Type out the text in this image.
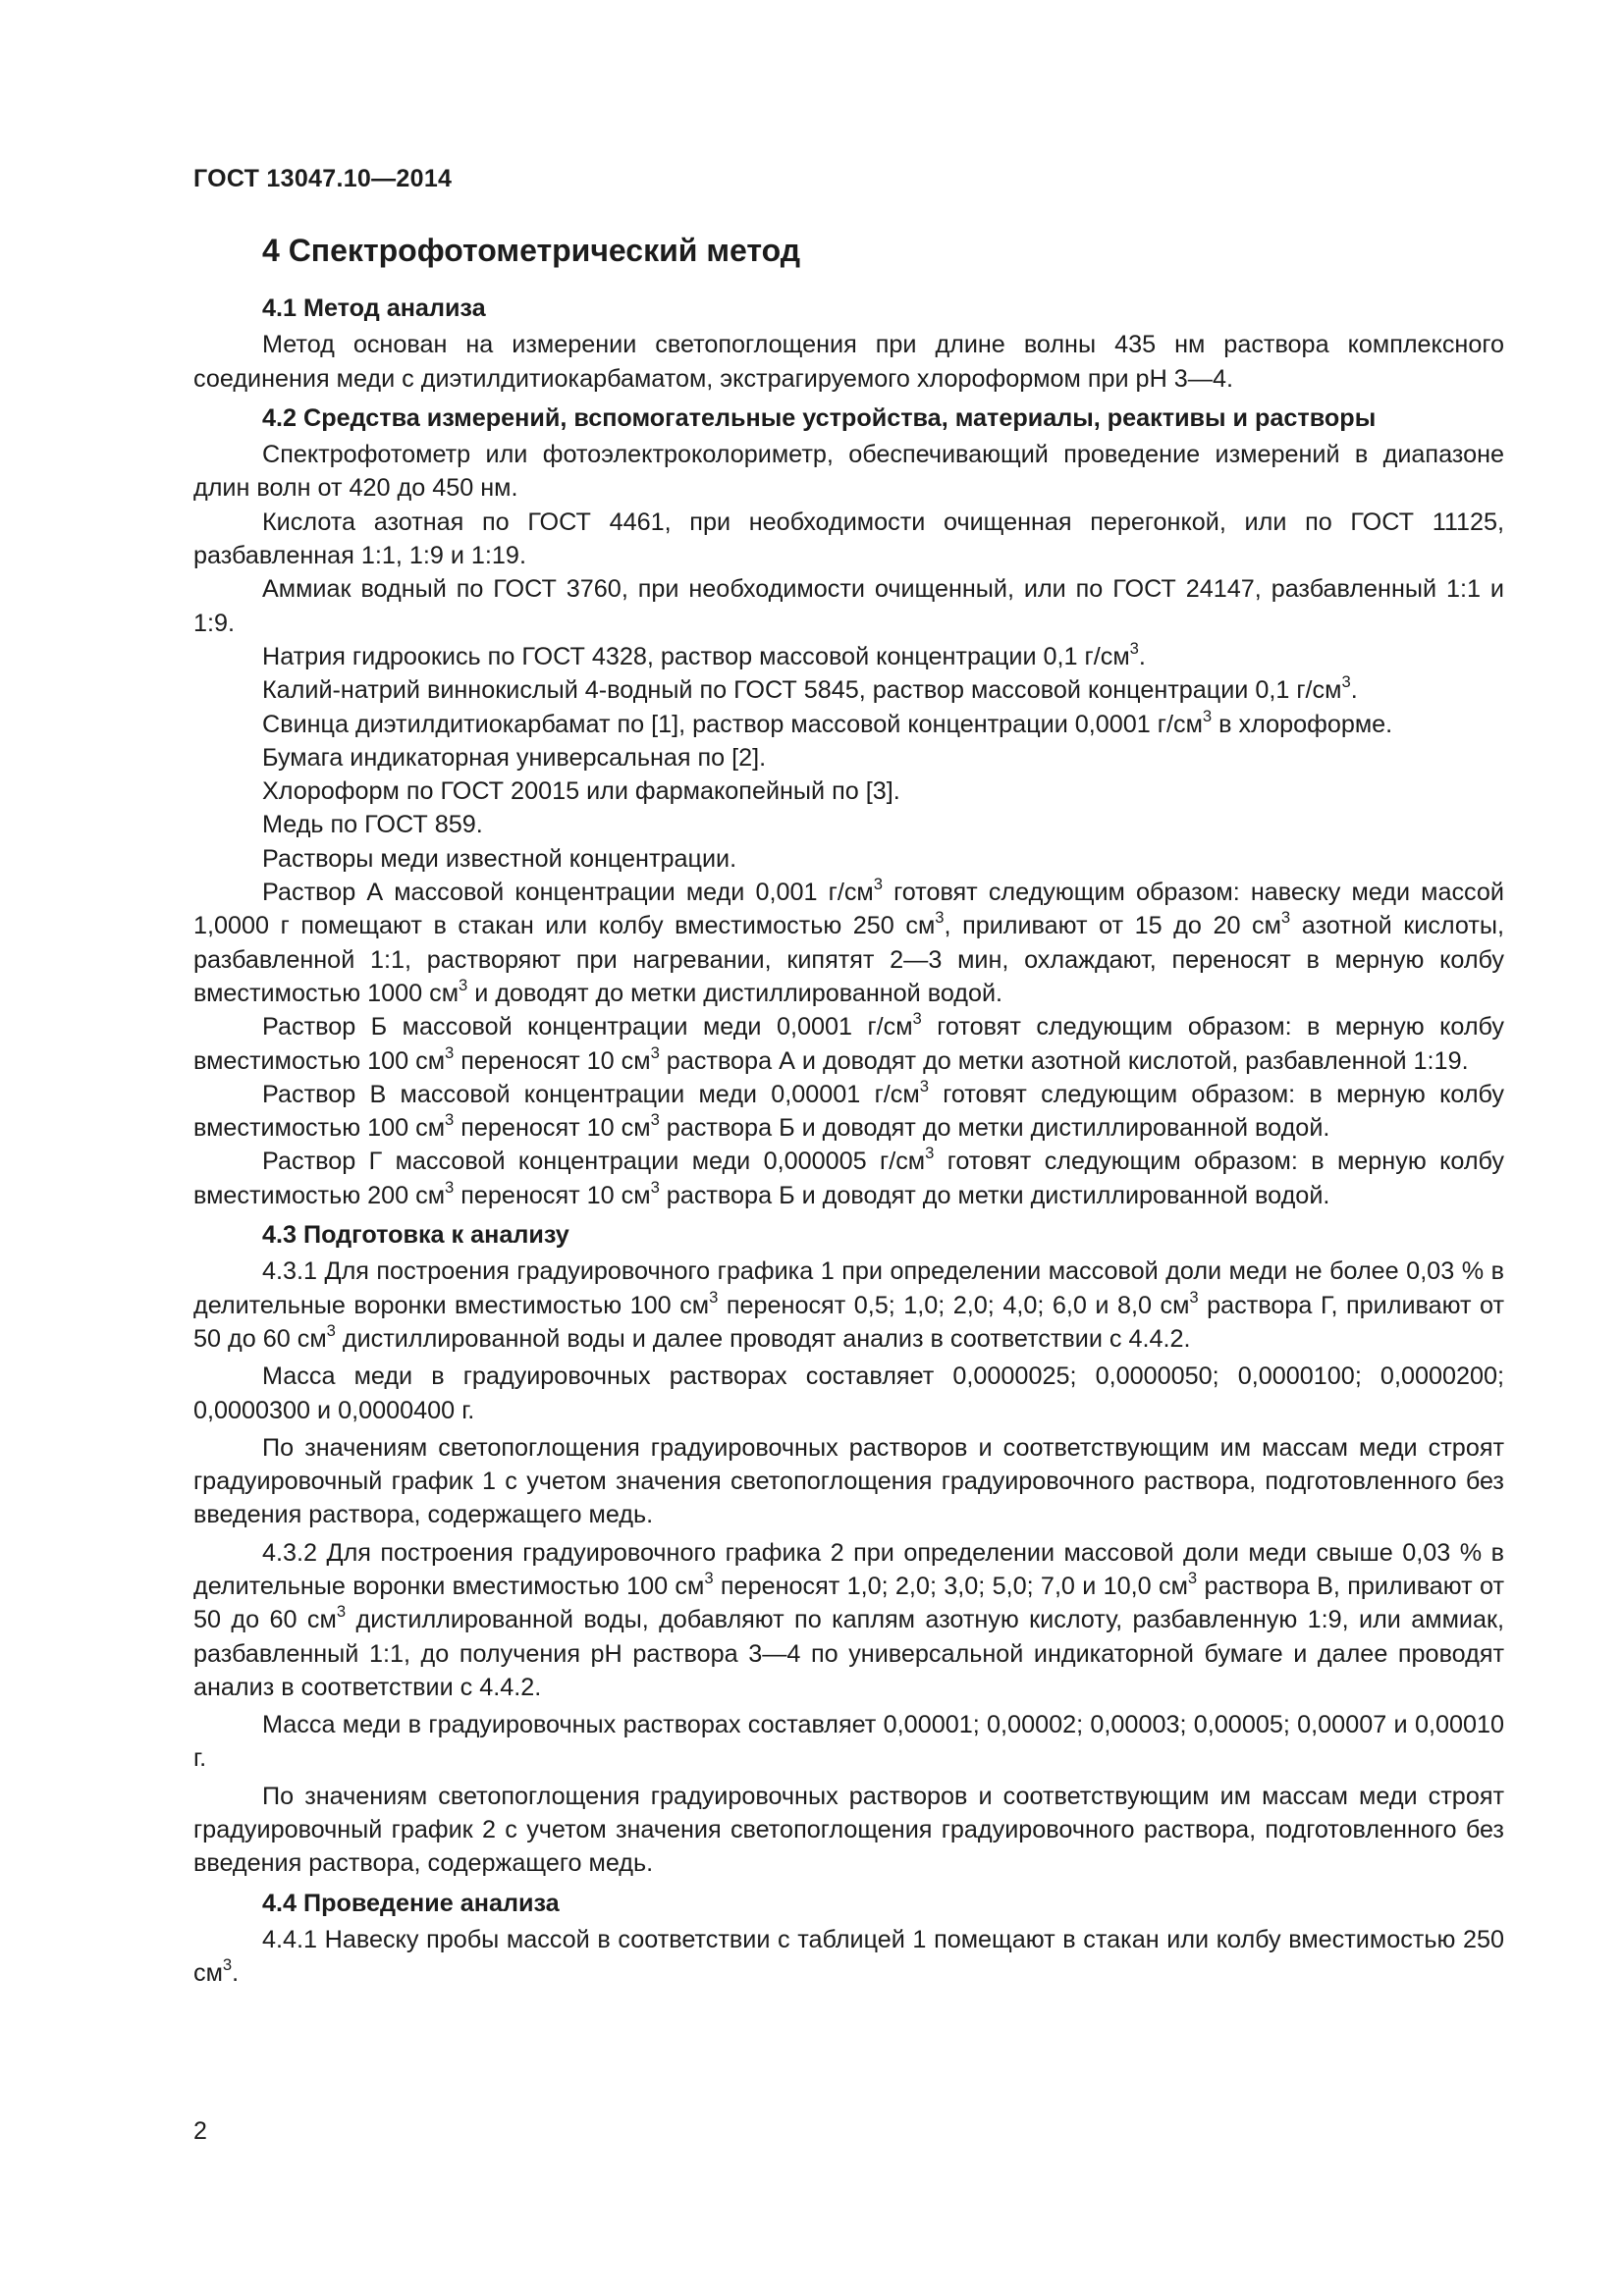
ГОСТ 13047.10—2014
4 Спектрофотометрический метод
4.1 Метод анализа

Метод основан на измерении светопоглощения при длине волны 435 нм раствора комплексного соединения меди с диэтилдитиокарбаматом, экстрагируемого хлороформом при pH 3—4.

4.2 Средства измерений, вспомогательные устройства, материалы, реактивы и растворы

Спектрофотометр или фотоэлектроколориметр, обеспечивающий проведение измерений в диапазоне длин волн от 420 до 450 нм.

Кислота азотная по ГОСТ 4461, при необходимости очищенная перегонкой, или по ГОСТ 11125, разбавленная 1:1, 1:9 и 1:19.

Аммиак водный по ГОСТ 3760, при необходимости очищенный, или по ГОСТ 24147, разбавленный 1:1 и 1:9.

Натрия гидроокись по ГОСТ 4328, раствор массовой концентрации 0,1 $г/см^3$.

Калий-натрий виннокислый 4-водный по ГОСТ 5845, раствор массовой концентрации 0,1 $г/см^3$.

Свинца диэтилдитиокарбамат по [1], раствор массовой концентрации 0,0001 $г/см^3$ в хлороформе.

Бумага индикаторная универсальная по [2].

Хлороформ по ГОСТ 20015 или фармакопейный по [3].

Медь по ГОСТ 859.

Растворы меди известной концентрации.

Раствор А массовой концентрации меди 0,001 $г/см^3$ готовят следующим образом: навеску меди массой 1,0000 г помещают в стакан или колбу вместимостью 250 $см^3$, приливают от 15 до 20 $см^3$ азотной кислоты, разбавленной 1:1, растворяют при нагревании, кипятят 2—3 мин, охлаждают, переносят в мерную колбу вместимостью 1000 $см^3$ и доводят до метки дистиллированной водой.

Раствор Б массовой концентрации меди 0,0001 $г/см^3$ готовят следующим образом: в мерную колбу вместимостью 100 $см^3$ переносят 10 $см^3$ раствора А и доводят до метки азотной кислотой, разбавленной 1:19.

Раствор В массовой концентрации меди 0,00001 $г/см^3$ готовят следующим образом: в мерную колбу вместимостью 100 $см^3$ переносят 10 $см^3$ раствора Б и доводят до метки дистиллированной водой.

Раствор Г массовой концентрации меди 0,000005 $г/см^3$ готовят следующим образом: в мерную колбу вместимостью 200 $см^3$ переносят 10 $см^3$ раствора Б и доводят до метки дистиллированной водой.

4.3 Подготовка к анализу

4.3.1 Для построения градуировочного графика 1 при определении массовой доли меди не более 0,03 % в делительные воронки вместимостью 100 $см^3$ переносят 0,5; 1,0; 2,0; 4,0; 6,0 и 8,0 $см^3$ раствора Г, приливают от 50 до 60 $см^3$ дистиллированной воды и далее проводят анализ в соответствии с 4.4.2.

Масса меди в градуировочных растворах составляет 0,0000025; 0,0000050; 0,0000100; 0,0000200; 0,0000300 и 0,0000400 г.

По значениям светопоглощения градуировочных растворов и соответствующим им массам меди строят градуировочный график 1 с учетом значения светопоглощения градуировочного раствора, подготовленного без введения раствора, содержащего медь.

4.3.2 Для построения градуировочного графика 2 при определении массовой доли меди свыше 0,03 % в делительные воронки вместимостью 100 $см^3$ переносят 1,0; 2,0; 3,0; 5,0; 7,0 и 10,0 $см^3$ раствора В, приливают от 50 до 60 $см^3$ дистиллированной воды, добавляют по каплям азотную кислоту, разбавленную 1:9, или аммиак, разбавленный 1:1, до получения pH раствора 3—4 по универсальной индикаторной бумаге и далее проводят анализ в соответствии с 4.4.2.

Масса меди в градуировочных растворах составляет 0,00001; 0,00002; 0,00003; 0,00005; 0,00007 и 0,00010 г.

По значениям светопоглощения градуировочных растворов и соответствующим им массам меди строят градуировочный график 2 с учетом значения светопоглощения градуировочного раствора, подготовленного без введения раствора, содержащего медь.

4.4 Проведение анализа

4.4.1 Навеску пробы массой в соответствии с таблицей 1 помещают в стакан или колбу вместимостью 250 $см^3$.

2
